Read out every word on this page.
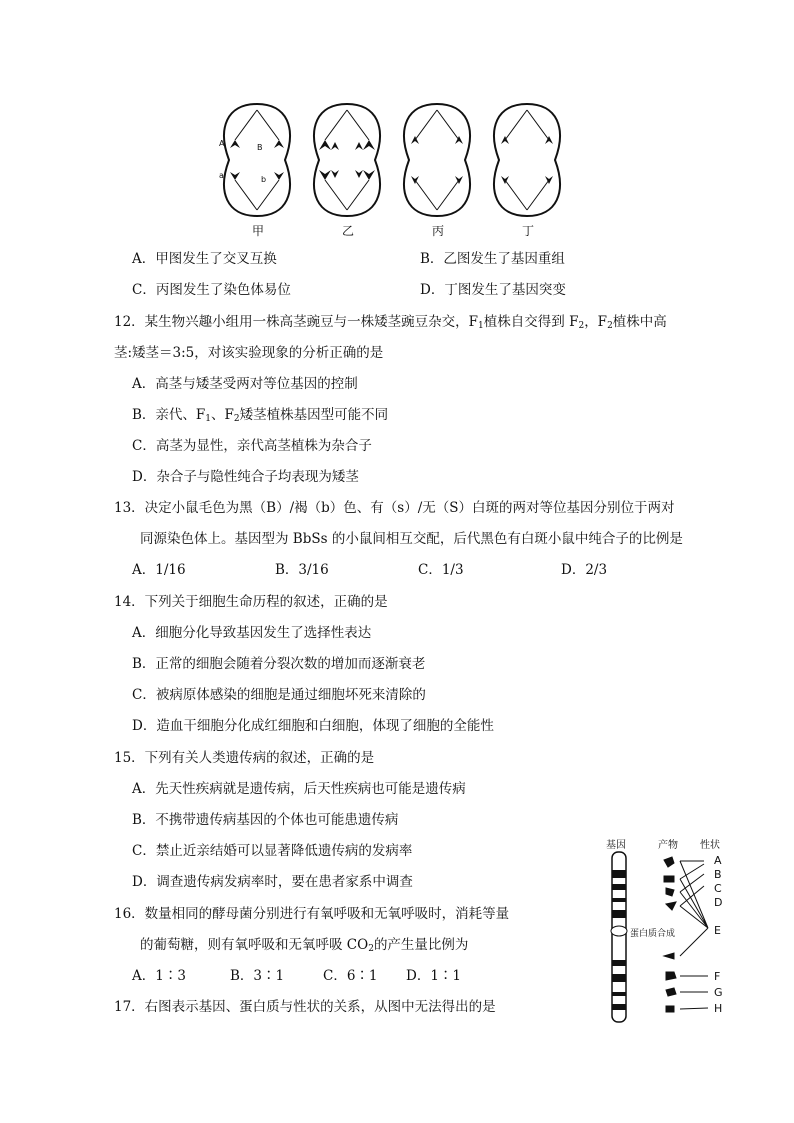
A	B
a	b
甲	乙	丙	丁
A．甲图发生了交叉互换	B．乙图发生了基因重组
C．丙图发生了染色体易位	D．丁图发生了基因突变
12．某生物兴趣小组用一株高茎豌豆与一株矮茎豌豆杂交，$F_1$植株自交得到 $F_2$，$F_2$植株中高
茎:矮茎＝3:5，对该实验现象的分析正确的是
A．高茎与矮茎受两对等位基因的控制
B．亲代、$F_1$、$F_2$矮茎植株基因型可能不同
C．高茎为显性，亲代高茎植株为杂合子
D．杂合子与隐性纯合子均表现为矮茎
13．决定小鼠毛色为黑（B）/褐（b）色、有（s）/无（S）白斑的两对等位基因分别位于两对
同源染色体上。基因型为 BbSs 的小鼠间相互交配，后代黑色有白斑小鼠中纯合子的比例是
A．1/16	B．3/16	C．1/3	D．2/3
14．下列关于细胞生命历程的叙述，正确的是
A．细胞分化导致基因发生了选择性表达
B．正常的细胞会随着分裂次数的增加而逐渐衰老
C．被病原体感染的细胞是通过细胞坏死来清除的
D．造血干细胞分化成红细胞和白细胞，体现了细胞的全能性
15．下列有关人类遗传病的叙述，正确的是
A．先天性疾病就是遗传病，后天性疾病也可能是遗传病
B．不携带遗传病基因的个体也可能患遗传病
C．禁止近亲结婚可以显著降低遗传病的发病率
D．调查遗传病发病率时，要在患者家系中调查
16．数量相同的酵母菌分别进行有氧呼吸和无氧呼吸时，消耗等量
的葡萄糖，则有氧呼吸和无氧呼吸 $CO_2$的产生量比例为
A．1∶3	B．3∶1	C．6∶1 D．1∶1
17．右图表示基因、蛋白质与性状的关系，从图中无法得出的是
基因	产物 性状
蛋白质合成
A
B
C
D
E
F
G
H
